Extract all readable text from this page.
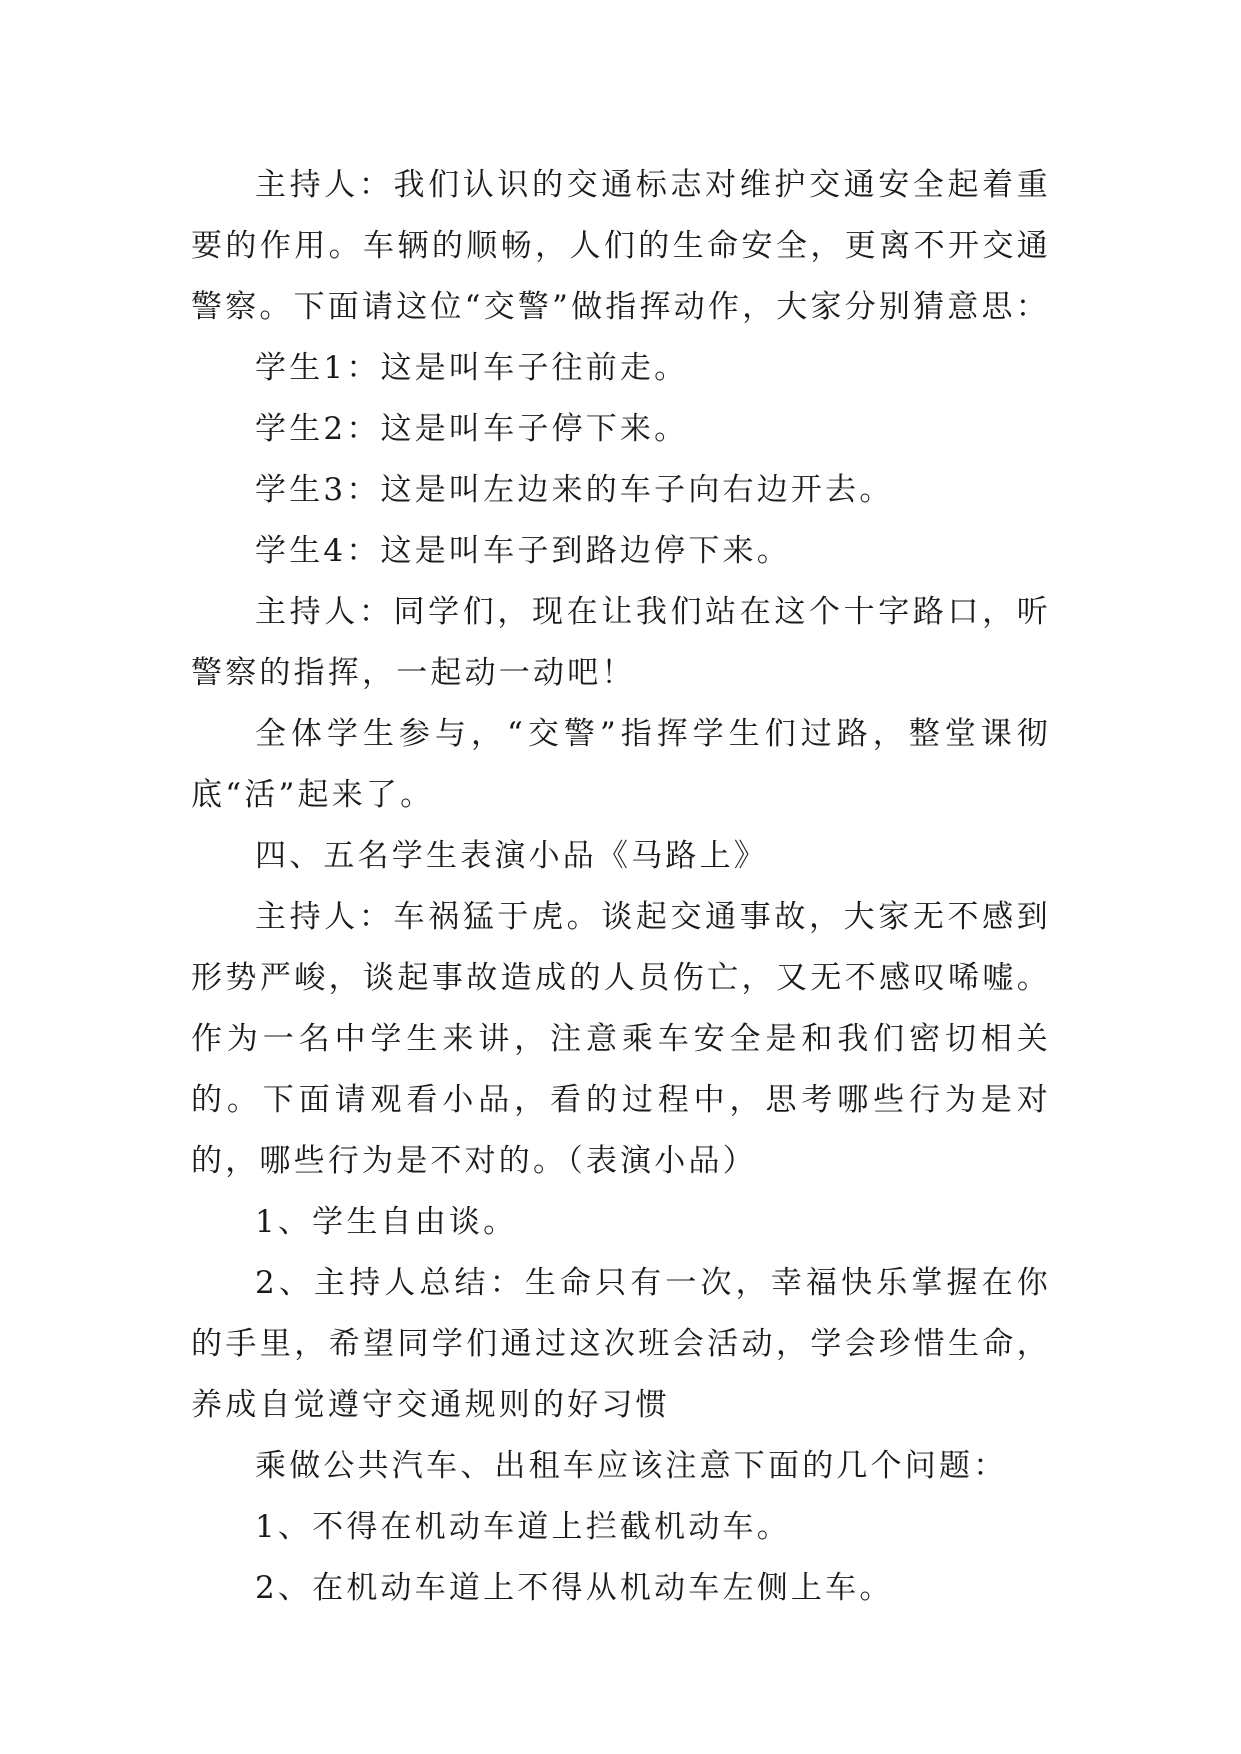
主持人：我们认识的交通标志对维护交通安全起着重要的作用。车辆的顺畅，人们的生命安全，更离不开交通警察。下面请这位“交警”做指挥动作，大家分别猜意思：

学生1：这是叫车子往前走。

学生2：这是叫车子停下来。

学生3：这是叫左边来的车子向右边开去。

学生4：这是叫车子到路边停下来。

主持人：同学们，现在让我们站在这个十字路口，听警察的指挥，一起动一动吧！

全体学生参与，“交警”指挥学生们过路，整堂课彻底“活”起来了。

四、五名学生表演小品《马路上》

主持人：车祸猛于虎。谈起交通事故，大家无不感到形势严峻，谈起事故造成的人员伤亡，又无不感叹唏嘘。作为一名中学生来讲，注意乘车安全是和我们密切相关的。下面请观看小品，看的过程中，思考哪些行为是对的，哪些行为是不对的。（表演小品）

1、学生自由谈。

2、主持人总结：生命只有一次，幸福快乐掌握在你的手里，希望同学们通过这次班会活动，学会珍惜生命，养成自觉遵守交通规则的好习惯

乘做公共汽车、出租车应该注意下面的几个问题：

1、不得在机动车道上拦截机动车。

2、在机动车道上不得从机动车左侧上车。
